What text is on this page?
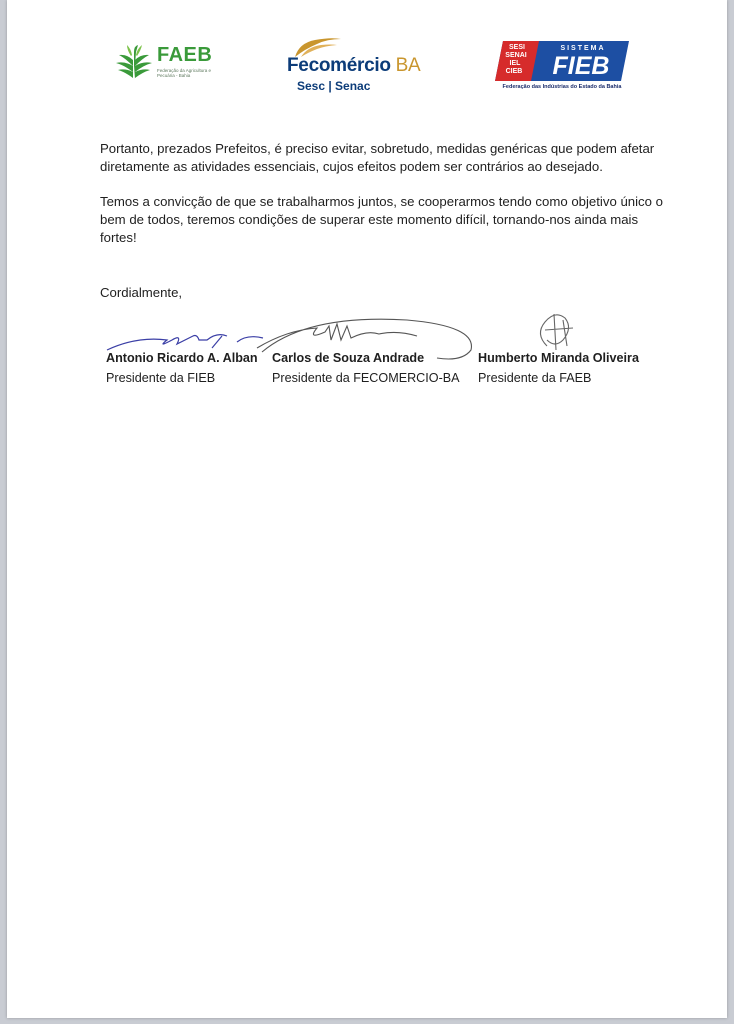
FAEB
Federação da Agricultura e Pecuária - Bahia	Fecomércio BA
Sesc | Senac
SESI
SENAI
IEL
CIEB
SISTEMA
FIEB
Federação das Indústrias do Estado da Bahia

Portanto, prezados Prefeitos, é preciso evitar, sobretudo, medidas genéricas que podem afetar diretamente as atividades essenciais, cujos efeitos podem ser contrários ao desejado.

Temos a convicção de que se trabalharmos juntos, se cooperarmos tendo como objetivo único o bem de todos, teremos condições de superar este momento difícil, tornando-nos ainda mais fortes!

Cordialmente,

Antonio Ricardo A. Alban
Presidente da FIEB
Carlos de Souza Andrade
Presidente da FECOMERCIO-BA
Humberto Miranda Oliveira
Presidente da FAEB
